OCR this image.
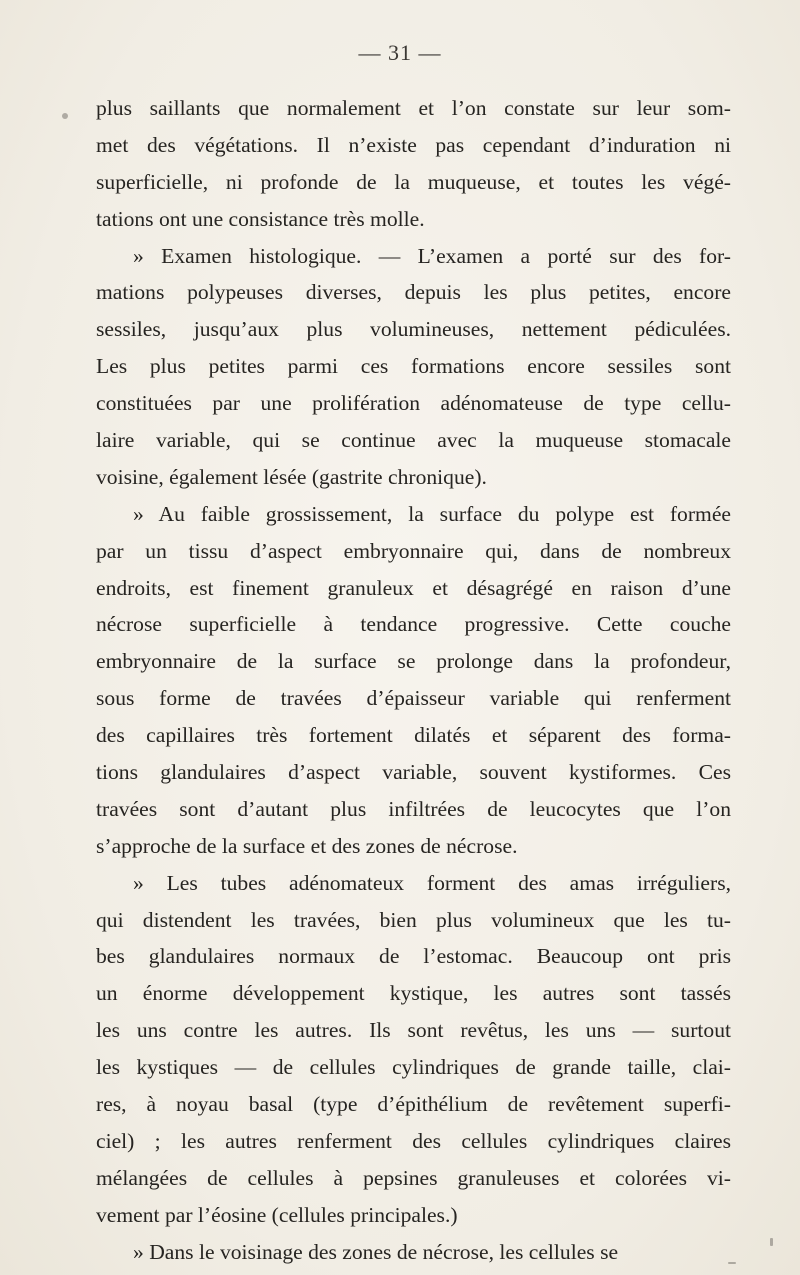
— 31 —
plus saillants que normalement et l’on constate sur leur som-
met des végétations. Il n’existe pas cependant d’induration ni
superficielle, ni profonde de la muqueuse, et toutes les végé-
tations ont une consistance très molle.
» Examen histologique. — L’examen a porté sur des for-
mations polypeuses diverses, depuis les plus petites, encore
sessiles, jusqu’aux plus volumineuses, nettement pédiculées.
Les plus petites parmi ces formations encore sessiles sont
constituées par une prolifération adénomateuse de type cellu-
laire variable, qui se continue avec la muqueuse stomacale
voisine, également lésée (gastrite chronique).
» Au faible grossissement, la surface du polype est formée
par un tissu d’aspect embryonnaire qui, dans de nombreux
endroits, est finement granuleux et désagrégé en raison d’une
nécrose superficielle à tendance progressive. Cette couche
embryonnaire de la surface se prolonge dans la profondeur,
sous forme de travées d’épaisseur variable qui renferment
des capillaires très fortement dilatés et séparent des forma-
tions glandulaires d’aspect variable, souvent kystiformes. Ces
travées sont d’autant plus infiltrées de leucocytes que l’on
s’approche de la surface et des zones de nécrose.
» Les tubes adénomateux forment des amas irréguliers,
qui distendent les travées, bien plus volumineux que les tu-
bes glandulaires normaux de l’estomac. Beaucoup ont pris
un énorme développement kystique, les autres sont tassés
les uns contre les autres. Ils sont revêtus, les uns — surtout
les kystiques — de cellules cylindriques de grande taille, clai-
res, à noyau basal (type d’épithélium de revêtement superfi-
ciel) ; les autres renferment des cellules cylindriques claires
mélangées de cellules à pepsines granuleuses et colorées vi-
vement par l’éosine (cellules principales.)
» Dans le voisinage des zones de nécrose, les cellules se
